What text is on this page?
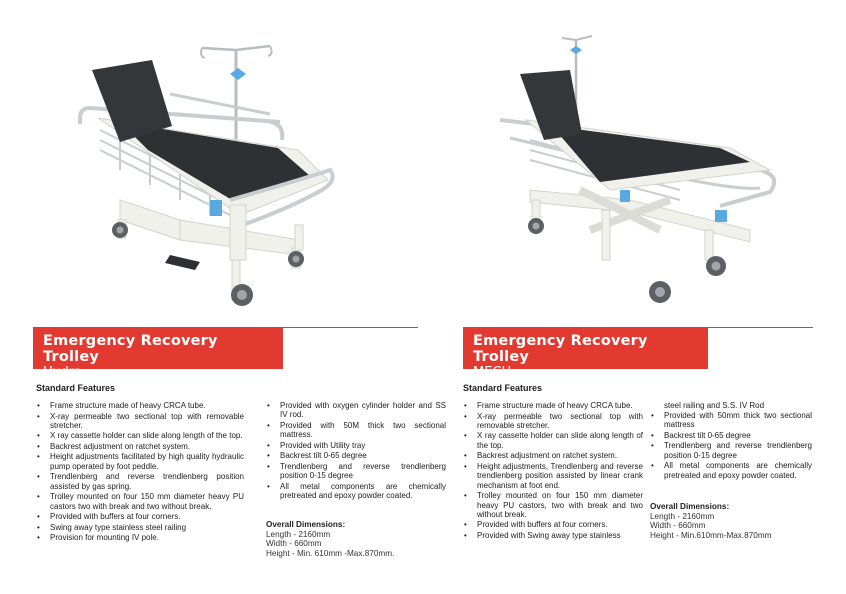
Emergency Recovery Trolley
Hydra
Standard Features
• Frame structure made of heavy CRCA tube.
• X-ray permeable two sectional top with removable stretcher.
• X ray cassette holder can slide along length of the top.
• Backrest adjustment on ratchet system.
• Height adjustments facilitated by high quality hydraulic pump operated by foot peddle.
• Trendlenberg and reverse trendlenberg position assisted by gas spring.
• Trolley mounted on four 150 mm diameter heavy PU castors two with break and two without break.
• Provided with buffers at four corners.
• Swing away type stainless steel railing
• Provision for mounting IV pole.
• Provided with oxygen cylinder holder and SS IV rod.
• Provided with 50M thick two sectional mattress.
• Provided with Utility tray
• Backrest tilt 0-65 degree
• Trendlenberg and reverse trendlenberg position 0-15 degree
• All metal components are chemically pretreated and epoxy powder coated.
Overall Dimensions:
Length - 2160mm
Width - 660mm
Height - Min. 610mm -Max.870mm.
Emergency Recovery Trolley
MECH
Standard Features
• Frame structure made of heavy CRCA tube.
• X-ray permeable two sectional top with removable stretcher.
• X ray cassette holder can slide along length of the top.
• Backrest adjustment on ratchet system.
• Height adjustments, Trendlenberg and reverse trendlenberg position assisted by linear crank mechanism at foot end.
• Trolley mounted on four 150 mm diameter heavy PU castors, two with break and two without break.
• Provided with buffers at four corners.
• Provided with Swing away type stainless
steel railing and S.S. IV Rod
• Provided with 50mm thick two sectional mattress
• Backrest tilt 0-65 degree
• Trendlenberg and reverse trendlenberg position 0-15 degree
• All metal components are chemically pretreated and epoxy powder coated.
Overall Dimensions:
Length - 2160mm
Width - 660mm
Height - Min.610mm-Max.870mm
